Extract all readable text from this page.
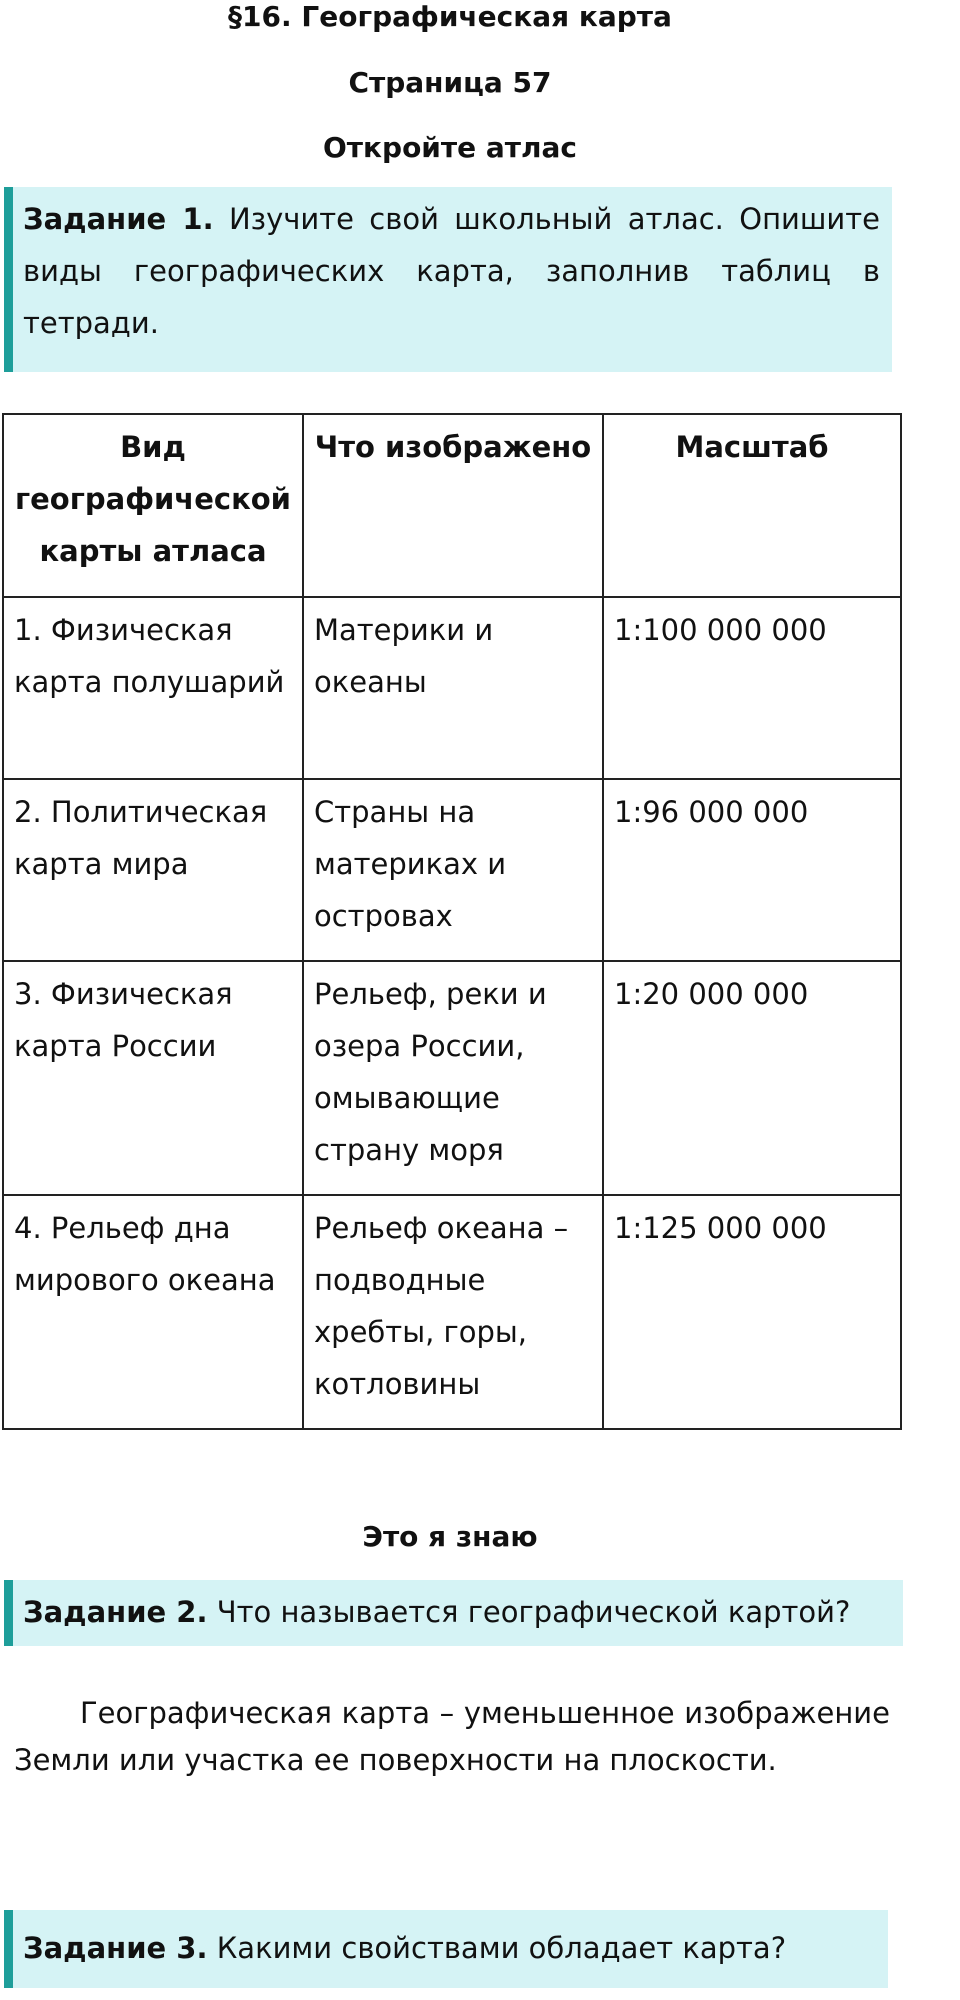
§16. Географическая карта
Страница 57
Откройте атлас
Задание 1. Изучите свой школьный атлас. Опишите виды географических карта, заполнив таблиц в тетради.
Вид географической карты атласа	Что изображено	Масштаб
1. Физическая карта полушарий	Материки и океаны	1:100 000 000
2. Политическая карта мира	Страны на материках и островах	1:96 000 000
3. Физическая карта России	Рельеф, реки и озера России, омывающие страну моря	1:20 000 000
4. Рельеф дна мирового океана	Рельеф океана – подводные хребты, горы, котловины	1:125 000 000
Это я знаю
Задание 2. Что называется географической картой?
Географическая карта – уменьшенное изображение Земли или участка ее поверхности на плоскости.
Задание 3. Какими свойствами обладает карта?
